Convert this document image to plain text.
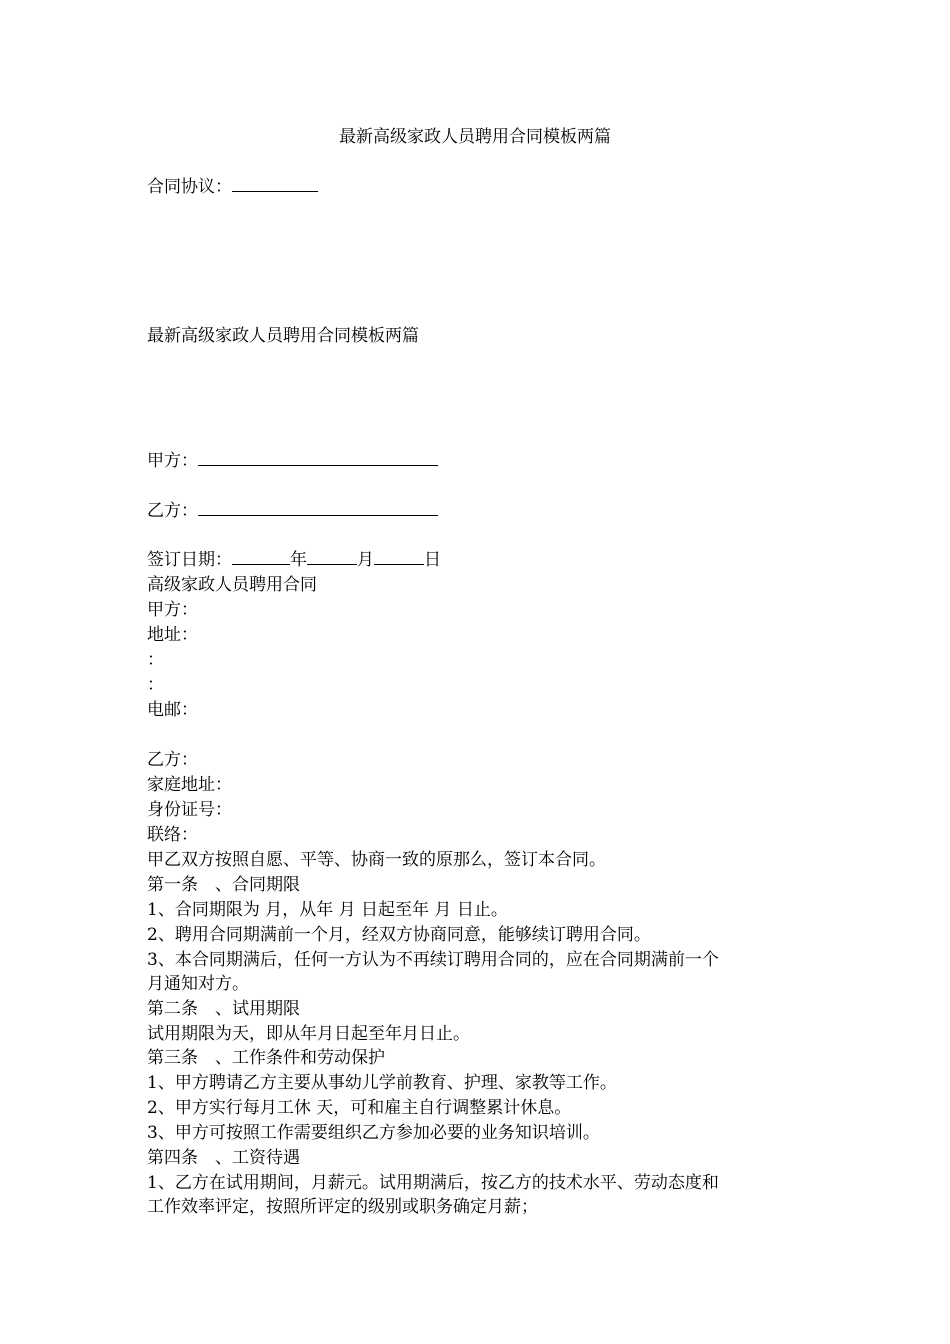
最新高级家政人员聘用合同模板两篇
合同协议：
最新高级家政人员聘用合同模板两篇
甲方：
乙方：
签订日期：	年	月	日
高级家政人员聘用合同
甲方：
地址：
：
：
电邮：
乙方：
家庭地址：
身份证号：
联络：
甲乙双方按照自愿、平等、协商一致的原那么，签订本合同。
第一条　、合同期限
1、合同期限为 月，从年 月 日起至年 月 日止。
2、聘用合同期满前一个月，经双方协商同意，能够续订聘用合同。
3、本合同期满后，任何一方认为不再续订聘用合同的，应在合同期满前一个
月通知对方。
第二条　、试用期限
试用期限为天，即从年月日起至年月日止。
第三条　、工作条件和劳动保护
1、甲方聘请乙方主要从事幼儿学前教育、护理、家教等工作。
2、甲方实行每月工休 天，可和雇主自行调整累计休息。
3、甲方可按照工作需要组织乙方参加必要的业务知识培训。
第四条　、工资待遇
1、乙方在试用期间，月薪元。试用期满后，按乙方的技术水平、劳动态度和
工作效率评定，按照所评定的级别或职务确定月薪；
